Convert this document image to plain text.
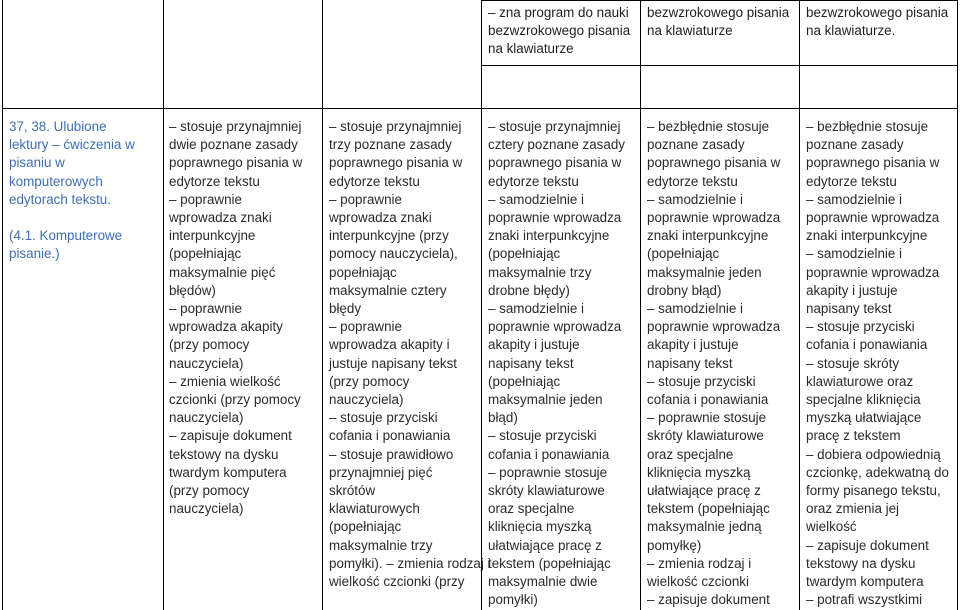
– zna program do nauki
bezwzrokowego pisania
na klawiaturze
bezwzrokowego pisania
na klawiaturze
bezwzrokowego pisania
na klawiaturze.
37, 38. Ulubione
lektury – ćwiczenia w
pisaniu w
komputerowych
edytorach tekstu.

(4.1. Komputerowe
pisanie.)
– stosuje przynajmniej
dwie poznane zasady
poprawnego pisania w
edytorze tekstu
– poprawnie
wprowadza znaki
interpunkcyjne
(popełniając
maksymalnie pięć
błędów)
– poprawnie
wprowadza akapity
(przy pomocy
nauczyciela)
– zmienia wielkość
czcionki (przy pomocy
nauczyciela)
– zapisuje dokument
tekstowy na dysku
twardym komputera
(przy pomocy
nauczyciela)
– stosuje przynajmniej
trzy poznane zasady
poprawnego pisania w
edytorze tekstu
– poprawnie
wprowadza znaki
interpunkcyjne (przy
pomocy nauczyciela),
popełniając
maksymalnie cztery
błędy
– poprawnie
wprowadza akapity i
justuje napisany tekst
(przy pomocy
nauczyciela)
– stosuje przyciski
cofania i ponawiania
– stosuje prawidłowo
przynajmniej pięć
skrótów
klawiaturowych
(popełniając
maksymalnie trzy
pomyłki). – zmienia rodzaj i
wielkość czcionki (przy
– stosuje przynajmniej
cztery poznane zasady
poprawnego pisania w
edytorze tekstu
– samodzielnie i
poprawnie wprowadza
znaki interpunkcyjne
(popełniając
maksymalnie trzy
drobne błędy)
– samodzielnie i
poprawnie wprowadza
akapity i justuje
napisany tekst
(popełniając
maksymalnie jeden
błąd)
– stosuje przyciski
cofania i ponawiania
– poprawnie stosuje
skróty klawiaturowe
oraz specjalne
kliknięcia myszką
ułatwiające pracę z
tekstem (popełniając
maksymalnie dwie
pomyłki)
– bezbłędnie stosuje
poznane zasady
poprawnego pisania w
edytorze tekstu
– samodzielnie i
poprawnie wprowadza
znaki interpunkcyjne
(popełniając
maksymalnie jeden
drobny błąd)
– samodzielnie i
poprawnie wprowadza
akapity i justuje
napisany tekst
– stosuje przyciski
cofania i ponawiania
– poprawnie stosuje
skróty klawiaturowe
oraz specjalne
kliknięcia myszką
ułatwiające pracę z
tekstem (popełniając
maksymalnie jedną
pomyłkę)
– zmienia rodzaj i
wielkość czcionki
– zapisuje dokument
– bezbłędnie stosuje
poznane zasady
poprawnego pisania w
edytorze tekstu
– samodzielnie i
poprawnie wprowadza
znaki interpunkcyjne
– samodzielnie i
poprawnie wprowadza
akapity i justuje
napisany tekst
– stosuje przyciski
cofania i ponawiania
– stosuje skróty
klawiaturowe oraz
specjalne kliknięcia
myszką ułatwiające
pracę z tekstem
– dobiera odpowiednią
czcionkę, adekwatną do
formy pisanego tekstu,
oraz zmienia jej
wielkość
– zapisuje dokument
tekstowy na dysku
twardym komputera
– potrafi wszystkimi
